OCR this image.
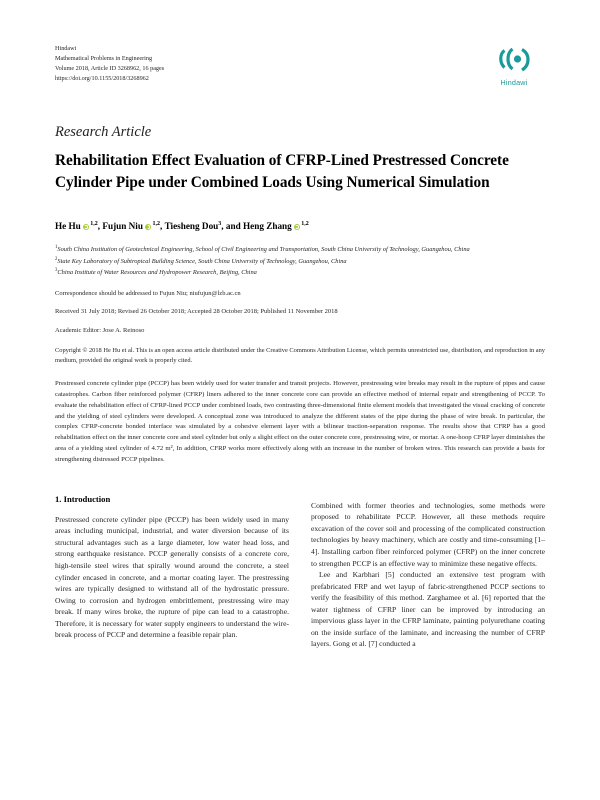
Hindawi
Mathematical Problems in Engineering
Volume 2018, Article ID 3268962, 16 pages
https://doi.org/10.1155/2018/3268962	Hindawi
Research Article
Rehabilitation Effect Evaluation of CFRP-Lined Prestressed Concrete Cylinder Pipe under Combined Loads Using Numerical Simulation
He Hu $^{1,2}$, Fujun Niu $^{1,2}$, Tiesheng Dou$^3$, and Heng Zhang $^{1,2}$
$^1$South China Institution of Geotechnical Engineering, School of Civil Engineering and Transportation, South China University of Technology, Guangzhou, China
$^2$State Key Laboratory of Subtropical Building Science, South China University of Technology, Guangzhou, China
$^3$China Institute of Water Resources and Hydropower Research, Beijing, China
Correspondence should be addressed to Fujun Niu; niufujun@lzb.ac.cn
Received 31 July 2018; Revised 26 October 2018; Accepted 28 October 2018; Published 11 November 2018
Academic Editor: Jose A. Reinoso
Copyright © 2018 He Hu et al. This is an open access article distributed under the Creative Commons Attribution License, which permits unrestricted use, distribution, and reproduction in any medium, provided the original work is properly cited.
Prestressed concrete cylinder pipe (PCCP) has been widely used for water transfer and transit projects. However, prestressing wire breaks may result in the rupture of pipes and cause catastrophes. Carbon fiber reinforced polymer (CFRP) liners adhered to the inner concrete core can provide an effective method of internal repair and strengthening of PCCP. To evaluate the rehabilitation effect of CFRP-lined PCCP under combined loads, two contrasting three-dimensional finite element models that investigated the visual cracking of concrete and the yielding of steel cylinders were developed. A conceptual zone was introduced to analyze the different states of the pipe during the phase of wire break. In particular, the complex CFRP-concrete bonded interface was simulated by a cohesive element layer with a bilinear traction-separation response. The results show that CFRP has a good rehabilitation effect on the inner concrete core and steel cylinder but only a slight effect on the outer concrete core, prestressing wire, or mortar. A one-hoop CFRP layer diminishes the area of a yielding steel cylinder of 4.72 m², In addition, CFRP works more effectively along with an increase in the number of broken wires. This research can provide a basis for strengthening distressed PCCP pipelines.
1. Introduction

Prestressed concrete cylinder pipe (PCCP) has been widely used in many areas including municipal, industrial, and water diversion because of its structural advantages such as a large diameter, low water head loss, and strong earthquake resistance. PCCP generally consists of a concrete core, high-tensile steel wires that spirally wound around the concrete, a steel cylinder encased in concrete, and a mortar coating layer. The prestressing wires are typically designed to withstand all of the hydrostatic pressure. Owing to corrosion and hydrogen embrittlement, prestressing wire may break. If many wires broke, the rupture of pipe can lead to a catastrophe. Therefore, it is necessary for water supply engineers to understand the wire-break process of PCCP and determine a feasible repair plan.

Combined with former theories and technologies, some methods were proposed to rehabilitate PCCP. However, all these methods require excavation of the cover soil and processing of the complicated construction technologies by heavy machinery, which are costly and time-consuming [1–4]. Installing carbon fiber reinforced polymer (CFRP) on the inner concrete to strengthen PCCP is an effective way to minimize these negative effects.

Lee and Karbhari [5] conducted an extensive test program with prefabricated FRP and wet layup of fabric-strengthened PCCP sections to verify the feasibility of this method. Zarghamee et al. [6] reported that the water tightness of CFRP liner can be improved by introducing an impervious glass layer in the CFRP laminate, painting polyurethane coating on the inside surface of the laminate, and increasing the number of CFRP layers. Gong et al. [7] conducted a
